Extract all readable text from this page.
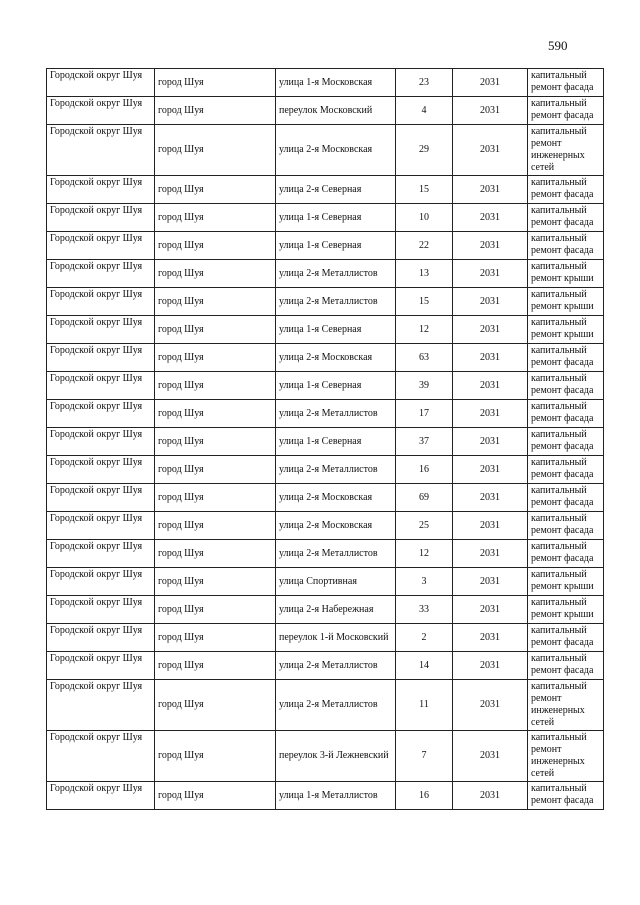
590
Городской округ Шуя	город Шуя	улица 1-я Московская	23	2031	капитальный ремонт фасада
Городской округ Шуя	город Шуя	переулок Московский	4	2031	капитальный ремонт фасада
Городской округ Шуя	город Шуя	улица 2-я Московская	29	2031	капитальный ремонт инженерных сетей
Городской округ Шуя	город Шуя	улица 2-я Северная	15	2031	капитальный ремонт фасада
Городской округ Шуя	город Шуя	улица 1-я Северная	10	2031	капитальный ремонт фасада
Городской округ Шуя	город Шуя	улица 1-я Северная	22	2031	капитальный ремонт фасада
Городской округ Шуя	город Шуя	улица 2-я Металлистов	13	2031	капитальный ремонт крыши
Городской округ Шуя	город Шуя	улица 2-я Металлистов	15	2031	капитальный ремонт крыши
Городской округ Шуя	город Шуя	улица 1-я Северная	12	2031	капитальный ремонт крыши
Городской округ Шуя	город Шуя	улица 2-я Московская	63	2031	капитальный ремонт фасада
Городской округ Шуя	город Шуя	улица 1-я Северная	39	2031	капитальный ремонт фасада
Городской округ Шуя	город Шуя	улица 2-я Металлистов	17	2031	капитальный ремонт фасада
Городской округ Шуя	город Шуя	улица 1-я Северная	37	2031	капитальный ремонт фасада
Городской округ Шуя	город Шуя	улица 2-я Металлистов	16	2031	капитальный ремонт фасада
Городской округ Шуя	город Шуя	улица 2-я Московская	69	2031	капитальный ремонт фасада
Городской округ Шуя	город Шуя	улица 2-я Московская	25	2031	капитальный ремонт фасада
Городской округ Шуя	город Шуя	улица 2-я Металлистов	12	2031	капитальный ремонт фасада
Городской округ Шуя	город Шуя	улица Спортивная	3	2031	капитальный ремонт крыши
Городской округ Шуя	город Шуя	улица 2-я Набережная	33	2031	капитальный ремонт крыши
Городской округ Шуя	город Шуя	переулок 1-й Московский	2	2031	капитальный ремонт фасада
Городской округ Шуя	город Шуя	улица 2-я Металлистов	14	2031	капитальный ремонт фасада
Городской округ Шуя	город Шуя	улица 2-я Металлистов	11	2031	капитальный ремонт инженерных сетей
Городской округ Шуя	город Шуя	переулок 3-й Лежневский	7	2031	капитальный ремонт инженерных сетей
Городской округ Шуя	город Шуя	улица 1-я Металлистов	16	2031	капитальный ремонт фасада
